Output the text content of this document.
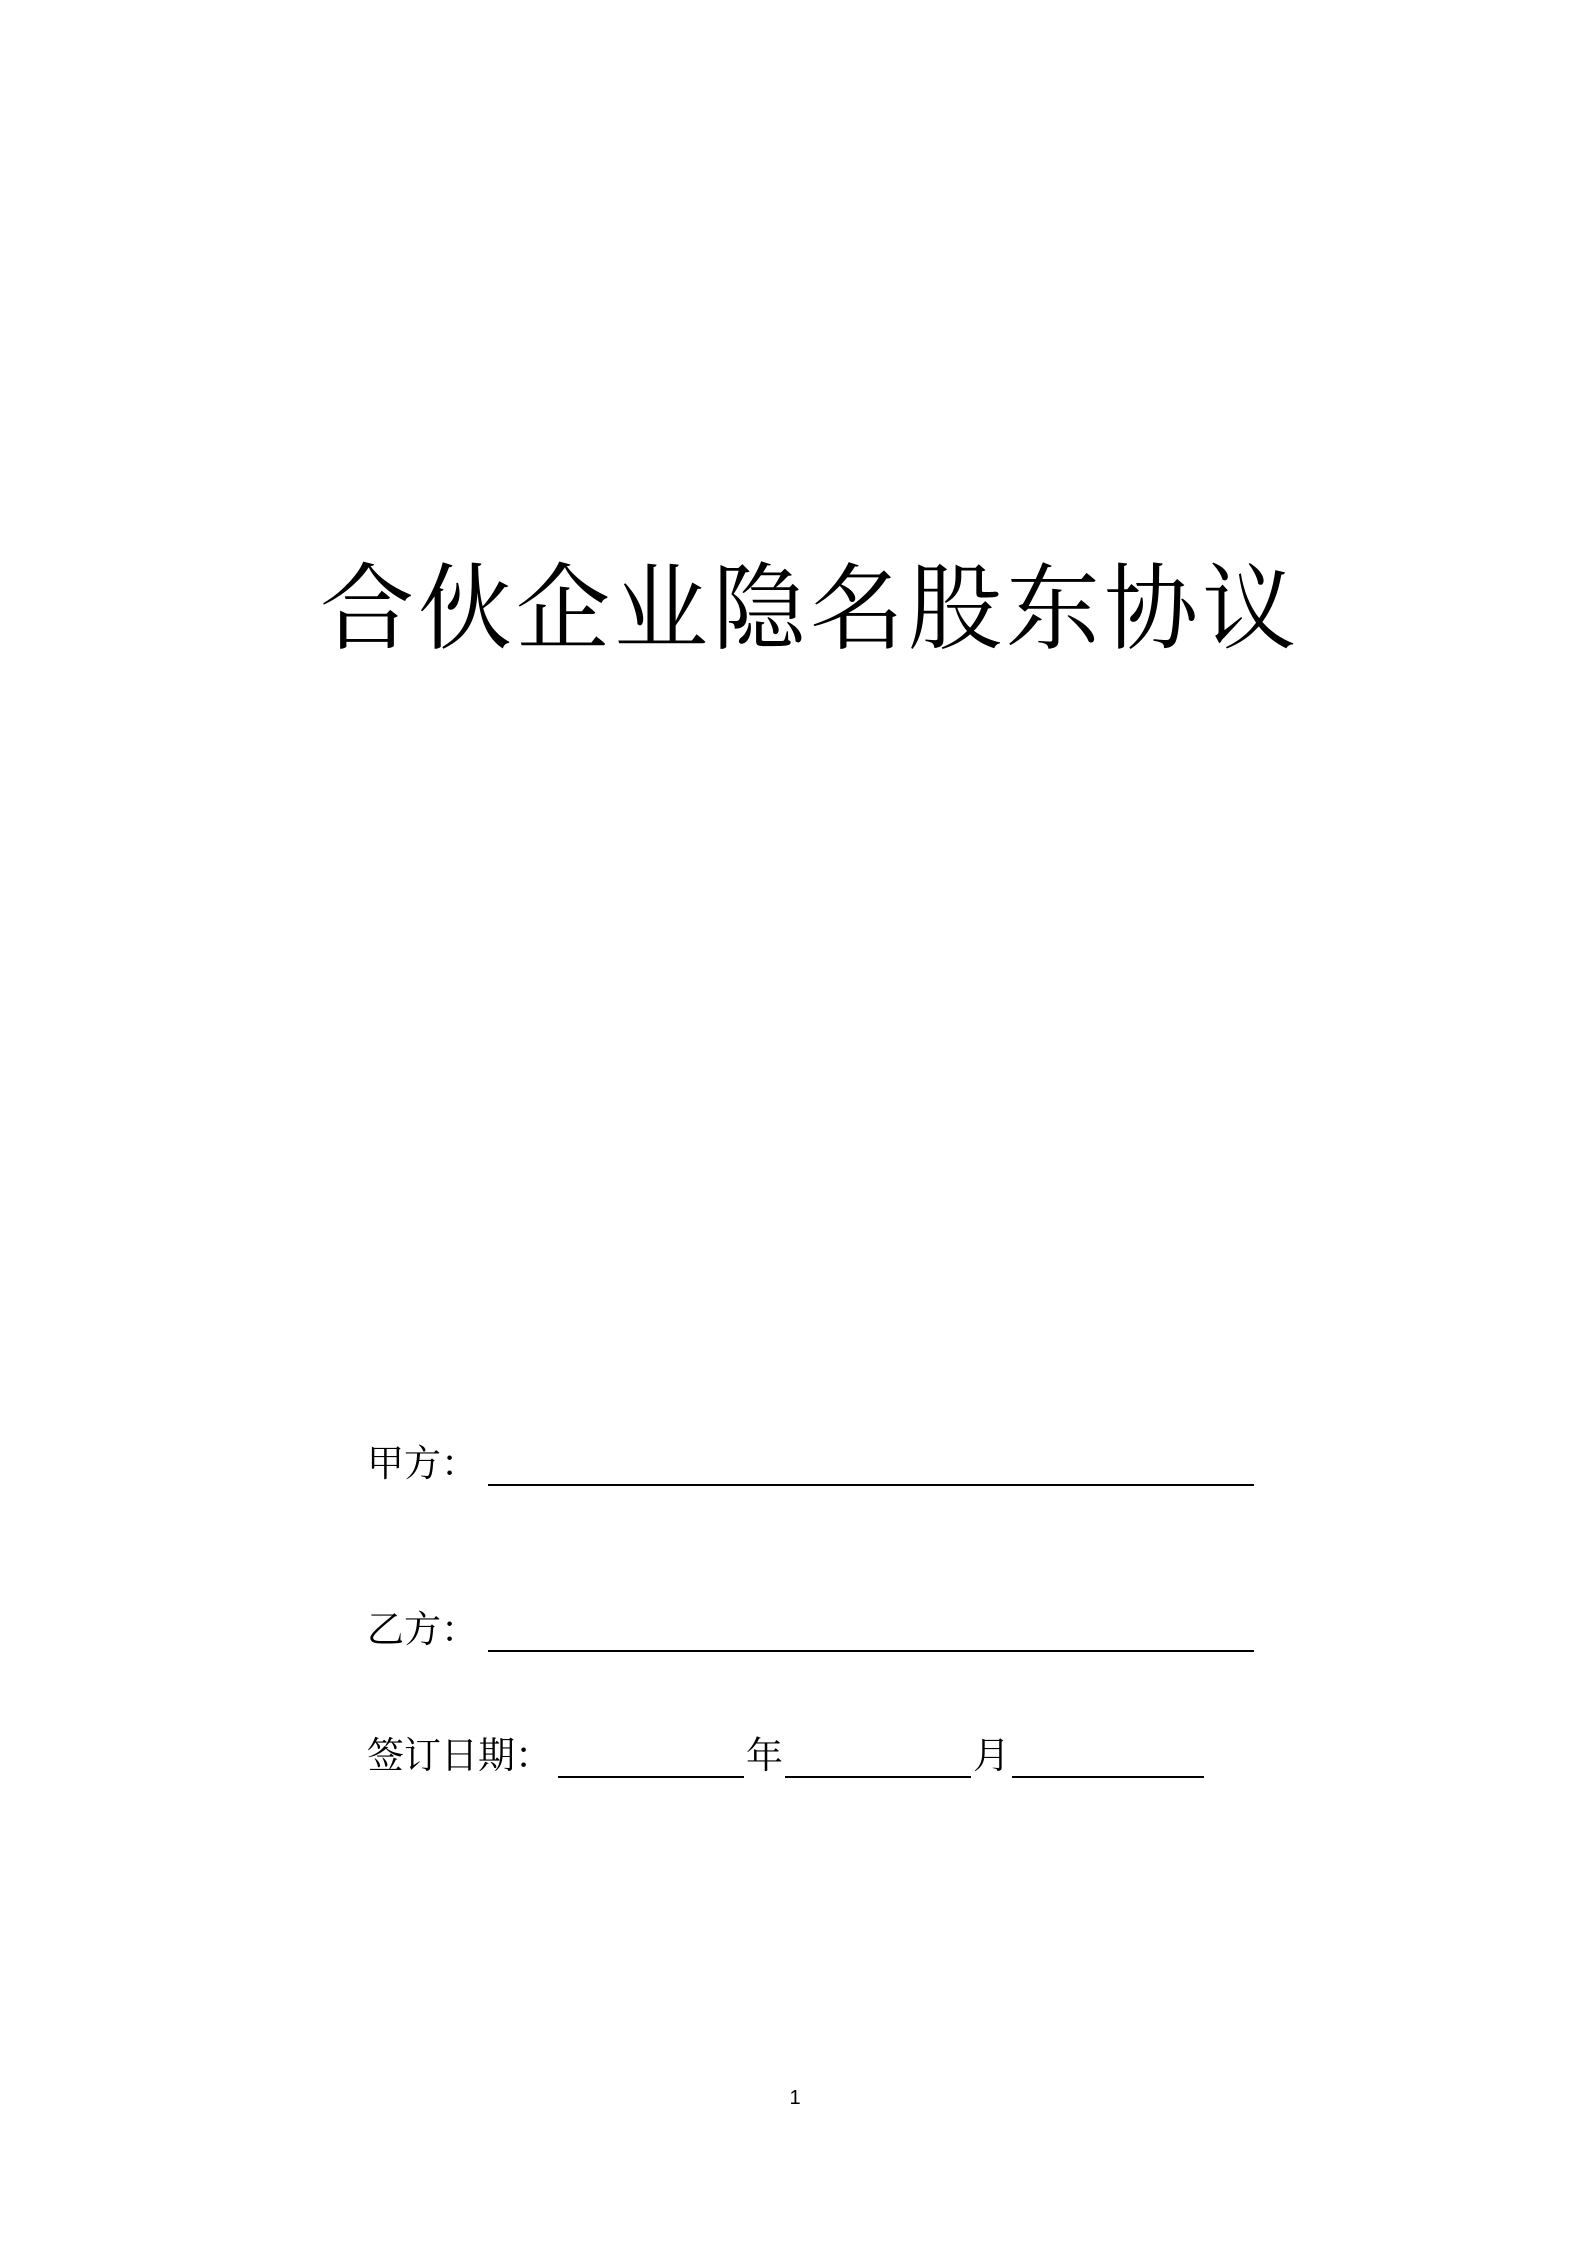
合伙企业隐名股东协议
甲方：
乙方：
签订日期：	年	月
1
